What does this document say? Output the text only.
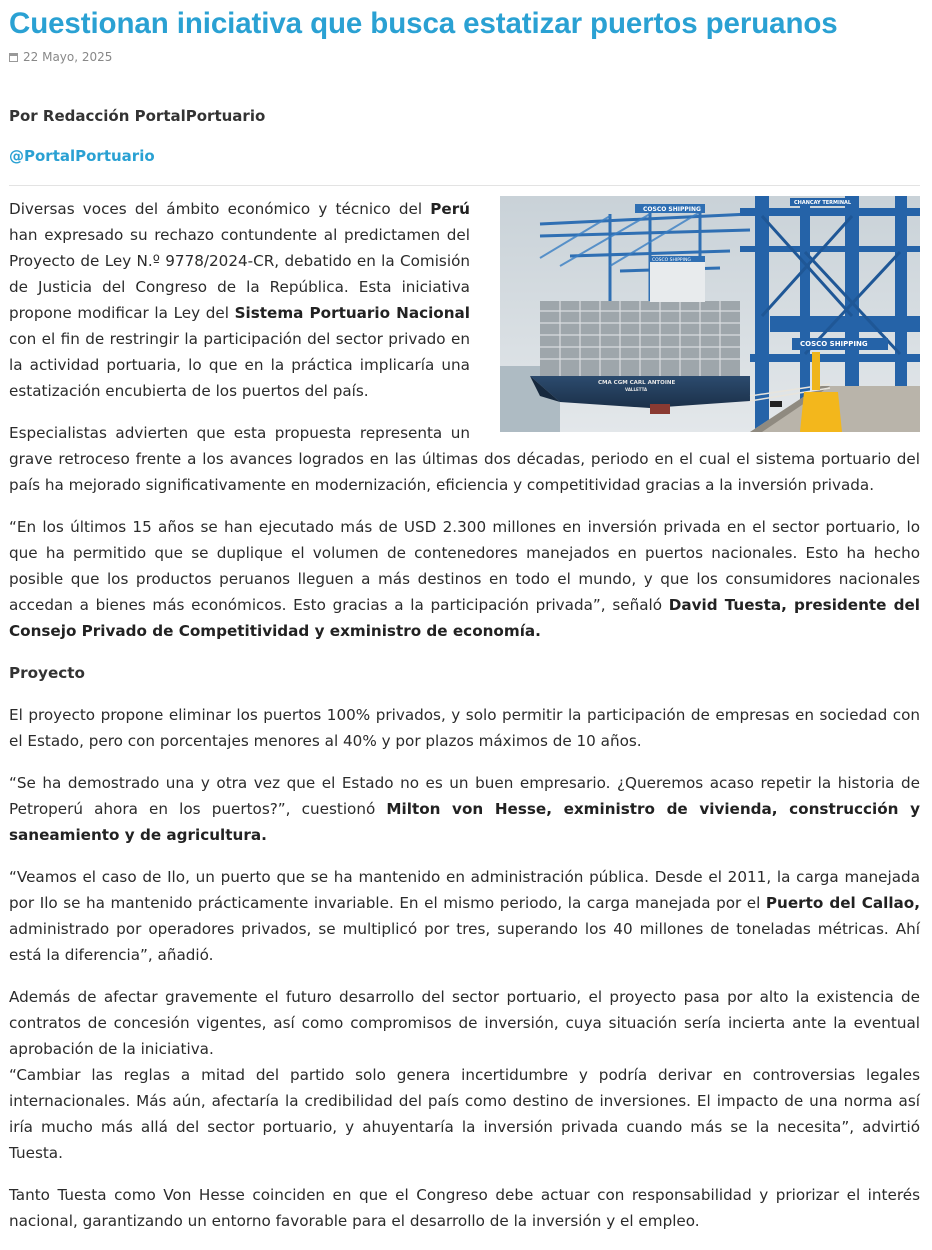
Cuestionan iniciativa que busca estatizar puertos peruanos
22 Mayo, 2025
Por Redacción PortalPortuario
@PortalPortuario
COSCO SHIPPING
CHANCAY TERMINAL
COSCO SHIPPING
COSCO SHIPPING
CMA CGM CARL ANTOINE
VALLETTA

Diversas voces del ámbito económico y técnico del Perú han expresado su rechazo contundente al predictamen del Proyecto de Ley N.º 9778/2024-CR, debatido en la Comisión de Justicia del Congreso de la República. Esta iniciativa propone modificar la Ley del Sistema Portuario Nacional con el fin de restringir la participación del sector privado en la actividad portuaria, lo que en la práctica implicaría una estatización encubierta de los puertos del país.

Especialistas advierten que esta propuesta representa un grave retroceso frente a los avances logrados en las últimas dos décadas, periodo en el cual el sistema portuario del país ha mejorado significativamente en modernización, eficiencia y competitividad gracias a la inversión privada.

“En los últimos 15 años se han ejecutado más de USD 2.300 millones en inversión privada en el sector portuario, lo que ha permitido que se duplique el volumen de contenedores manejados en puertos nacionales. Esto ha hecho posible que los productos peruanos lleguen a más destinos en todo el mundo, y que los consumidores nacionales accedan a bienes más económicos. Esto gracias a la participación privada”, señaló David Tuesta, presidente del Consejo Privado de Competitividad y exministro de economía.

Proyecto

El proyecto propone eliminar los puertos 100% privados, y solo permitir la participación de empresas en sociedad con el Estado, pero con porcentajes menores al 40% y por plazos máximos de 10 años.

“Se ha demostrado una y otra vez que el Estado no es un buen empresario. ¿Queremos acaso repetir la historia de Petroperú ahora en los puertos?”, cuestionó Milton von Hesse, exministro de vivienda, construcción y saneamiento y de agricultura.

“Veamos el caso de Ilo, un puerto que se ha mantenido en administración pública. Desde el 2011, la carga manejada por Ilo se ha mantenido prácticamente invariable. En el mismo periodo, la carga manejada por el Puerto del Callao, administrado por operadores privados, se multiplicó por tres, superando los 40 millones de toneladas métricas. Ahí está la diferencia”, añadió.

Además de afectar gravemente el futuro desarrollo del sector portuario, el proyecto pasa por alto la existencia de contratos de concesión vigentes, así como compromisos de inversión, cuya situación sería incierta ante la eventual aprobación de la iniciativa.

“Cambiar las reglas a mitad del partido solo genera incertidumbre y podría derivar en controversias legales internacionales. Más aún, afectaría la credibilidad del país como destino de inversiones. El impacto de una norma así iría mucho más allá del sector portuario, y ahuyentaría la inversión privada cuando más se la necesita”, advirtió Tuesta.

Tanto Tuesta como Von Hesse coinciden en que el Congreso debe actuar con responsabilidad y priorizar el interés nacional, garantizando un entorno favorable para el desarrollo de la inversión y el empleo.
